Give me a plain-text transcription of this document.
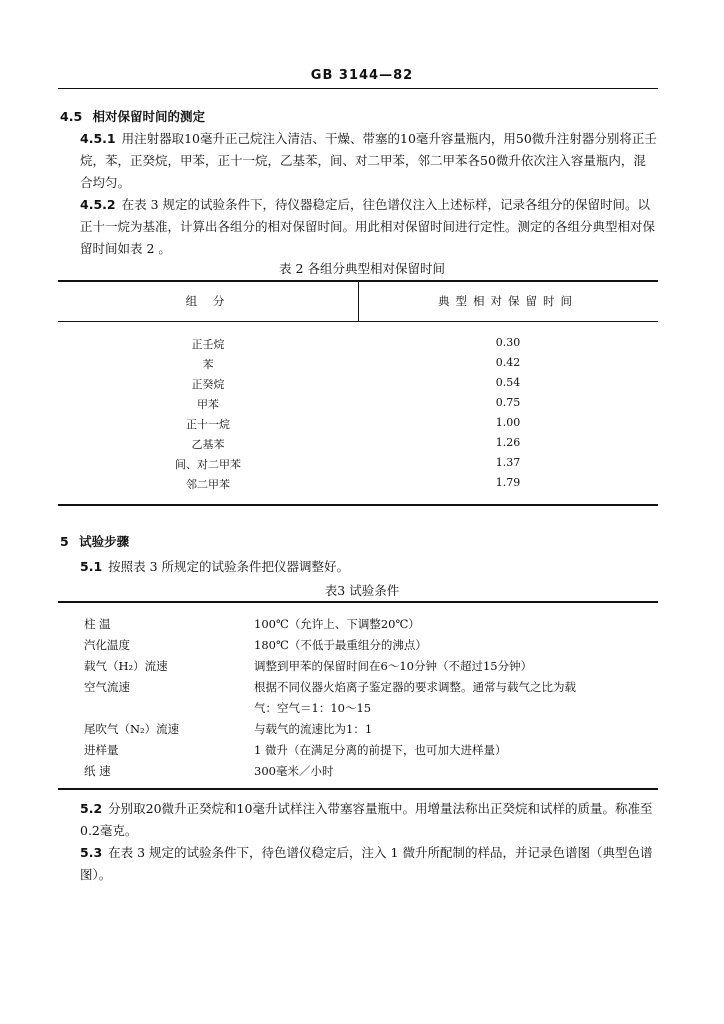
GB 3144—82
4.5 相对保留时间的测定
4.5.1 用注射器取10毫升正己烷注入清洁、干燥、带塞的10毫升容量瓶内，用50微升注射器分别将正壬烷，苯，正癸烷，甲苯，正十一烷，乙基苯，间、对二甲苯，邻二甲苯各50微升依次注入容量瓶内，混合均匀。
4.5.2 在表 3 规定的试验条件下，待仪器稳定后，往色谱仪注入上述标样，记录各组分的保留时间。以正十一烷为基准，计算出各组分的相对保留时间。用此相对保留时间进行定性。测定的各组分典型相对保留时间如表 2 。
表 2 各组分典型相对保留时间
组 分	典型相对保留时间
正壬烷	0.30
苯	0.42
正癸烷	0.54
甲苯	0.75
正十一烷	1.00
乙基苯	1.26
间、对二甲苯	1.37
邻二甲苯	1.79
5 试验步骤
5.1 按照表 3 所规定的试验条件把仪器调整好。
表3 试验条件
柱 温	100℃（允许上、下调整20℃）
汽化温度	180℃（不低于最重组分的沸点）
载气（H₂）流速	调整到甲苯的保留时间在6～10分钟（不超过15分钟）
空气流速	根据不同仪器火焰离子鉴定器的要求调整。通常与载气之比为载
气：空气＝1：10～15
尾吹气（N₂）流速	与载气的流速比为1：1
进样量	1 微升（在满足分离的前提下，也可加大进样量）
纸 速	300毫米／小时
5.2 分别取20微升正癸烷和10毫升试样注入带塞容量瓶中。用增量法称出正癸烷和试样的质量。称准至0.2毫克。
5.3 在表 3 规定的试验条件下，待色谱仪稳定后，注入 1 微升所配制的样品，并记录色谱图（典型色谱图）。
